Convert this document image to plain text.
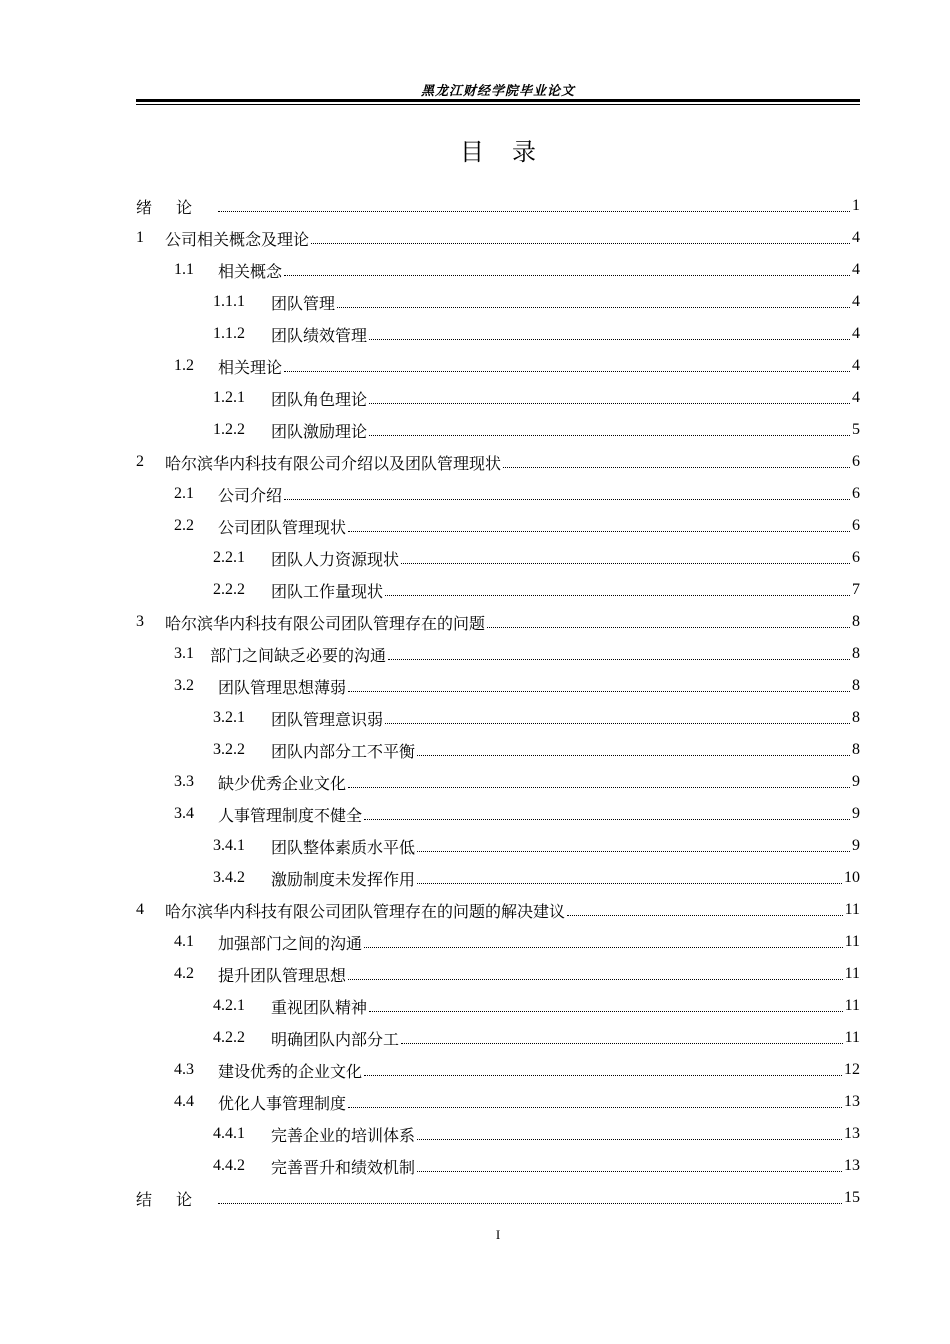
黑龙江财经学院毕业论文
目录
绪论	1
1	公司相关概念及理论	4
1.1	相关概念	4
1.1.1	团队管理	4
1.1.2	团队绩效管理	4
1.2	相关理论	4
1.2.1	团队角色理论	4
1.2.2	团队激励理论	5
2	哈尔滨华内科技有限公司介绍以及团队管理现状	6
2.1	公司介绍	6
2.2	公司团队管理现状	6
2.2.1	团队人力资源现状	6
2.2.2	团队工作量现状	7
3	哈尔滨华内科技有限公司团队管理存在的问题	8
3.1	部门之间缺乏必要的沟通	8
3.2	团队管理思想薄弱	8
3.2.1	团队管理意识弱	8
3.2.2	团队内部分工不平衡	8
3.3	缺少优秀企业文化	9
3.4	人事管理制度不健全	9
3.4.1	团队整体素质水平低	9
3.4.2	激励制度未发挥作用	10
4	哈尔滨华内科技有限公司团队管理存在的问题的解决建议	11
4.1	加强部门之间的沟通	11
4.2	提升团队管理思想	11
4.2.1	重视团队精神	11
4.2.2	明确团队内部分工	11
4.3	建设优秀的企业文化	12
4.4	优化人事管理制度	13
4.4.1	完善企业的培训体系	13
4.4.2	完善晋升和绩效机制	13
结论	15
I
